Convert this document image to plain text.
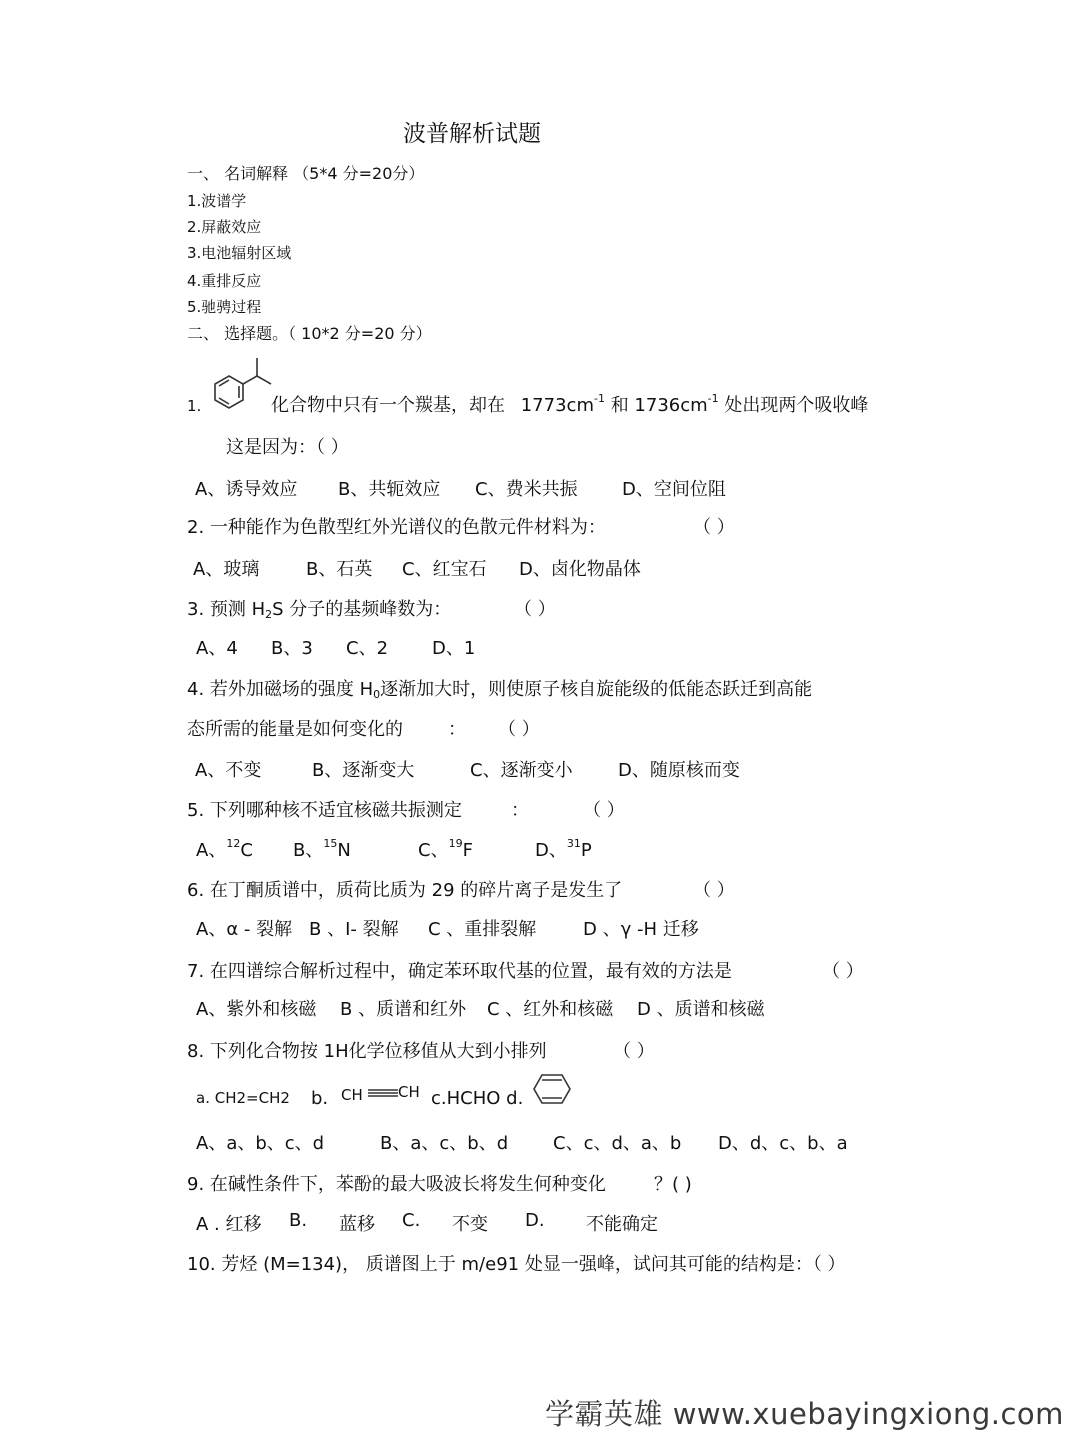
波普解析试题
一、 名词解释 （5*4 分=20分）
1.波谱学
2.屏蔽效应
3.电池辐射区域
4.重排反应
5.驰骋过程
二、 选择题。（ 10*2 分=20 分）
1.	化合物中只有一个羰基，却在 $1773cm^{-1}$ 和 $1736cm^{-1}$ 处出现两个吸收峰
这是因为：（ ）
A、诱导效应 B、共轭效应 C、费米共振 D、空间位阻
2. 一种能作为色散型红外光谱仪的色散元件材料为：	（ ）
A、玻璃	B、石英 C、红宝石 D、卤化物晶体
3. 预测 $H_2S$ 分子的基频峰数为：	（ ）
A、4 B、3 C、2 D、1
4. 若外加磁场的强度 $H_0$逐渐加大时，则使原子核自旋能级的低能态跃迁到高能
态所需的能量是如何变化的	： （ ）
A、不变	B、逐渐变大	C、逐渐变小	D、随原核而变
5. 下列哪种核不适宜核磁共振测定	：	（ ）
A、$^{12}$C B、$^{15}$N	C、$^{19}$F	D、$^{31}$P
6. 在丁酮质谱中，质荷比质为 29 的碎片离子是发生了	（ ）
A、α - 裂解 B 、I- 裂解 C 、重排裂解	D 、γ -H 迁移
7. 在四谱综合解析过程中，确定苯环取代基的位置，最有效的方法是	（ ）
A、紫外和核磁 B 、质谱和红外 C 、红外和核磁 D 、质谱和核磁
8. 下列化合物按 1H化学位移值从大到小排列	（ ）
a. CH2=CH2 b. CH CH c.HCHO d.
A、a、b、c、d	B、a、c、b、d C、c、d、a、b D、d、c、b、a
9. 在碱性条件下，苯酚的最大吸波长将发生何种变化	？( )
A . 红移 B. 蓝移 C. 不变 D. 不能确定
10. 芳烃 (M=134)， 质谱图上于 m/e91 处显一强峰，试问其可能的结构是：（ ）
学霸英雄 www.xuebayingxiong.com
